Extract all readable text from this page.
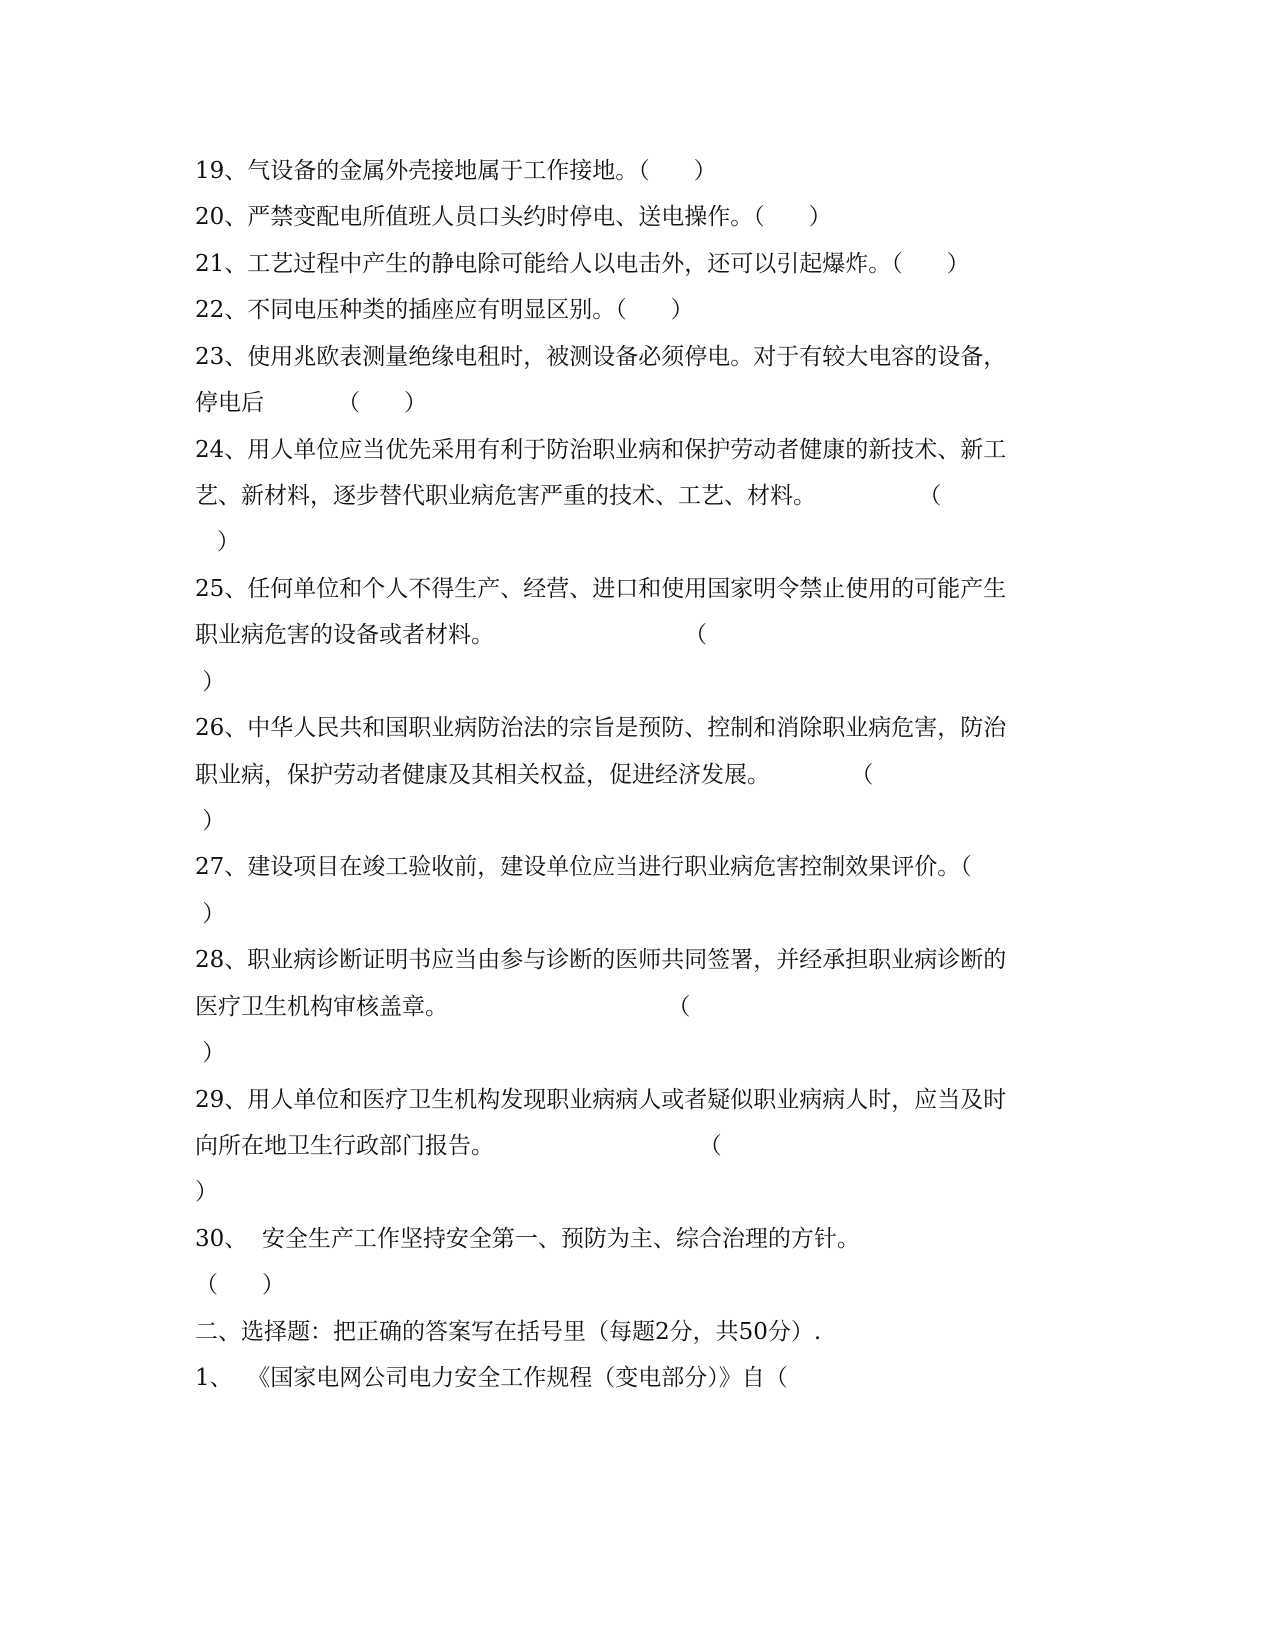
19、气设备的金属外壳接地属于工作接地。（      ）
20、严禁变配电所值班人员口头约时停电、送电操作。（      ）
21、工艺过程中产生的静电除可能给人以电击外，还可以引起爆炸。（      ）
22、不同电压种类的插座应有明显区别。（      ）
23、使用兆欧表测量绝缘电租时，被测设备必须停电。对于有较大电容的设备，
停电后          （      ）
24、用人单位应当优先采用有利于防治职业病和保护劳动者健康的新技术、新工
艺、新材料，逐步替代职业病危害严重的技术、工艺、材料。              （
）
25、任何单位和个人不得生产、经营、进口和使用国家明令禁止使用的可能产生
职业病危害的设备或者材料。                          （
）
26、中华人民共和国职业病防治法的宗旨是预防、控制和消除职业病危害，防治
职业病，保护劳动者健康及其相关权益，促进经济发展。           （
）
27、建设项目在竣工验收前，建设单位应当进行职业病危害控制效果评价。（
）
28、职业病诊断证明书应当由参与诊断的医师共同签署，并经承担职业病诊断的
医疗卫生机构审核盖章。                              （
）
29、用人单位和医疗卫生机构发现职业病病人或者疑似职业病病人时，应当及时
向所在地卫生行政部门报告。                            （
）
30、  安全生产工作坚持安全第一、预防为主、综合治理的方针。
（      ）
二、选择题：把正确的答案写在括号里（每题2分，共50分）.
1、  《国家电网公司电力安全工作规程（变电部分）》自（
